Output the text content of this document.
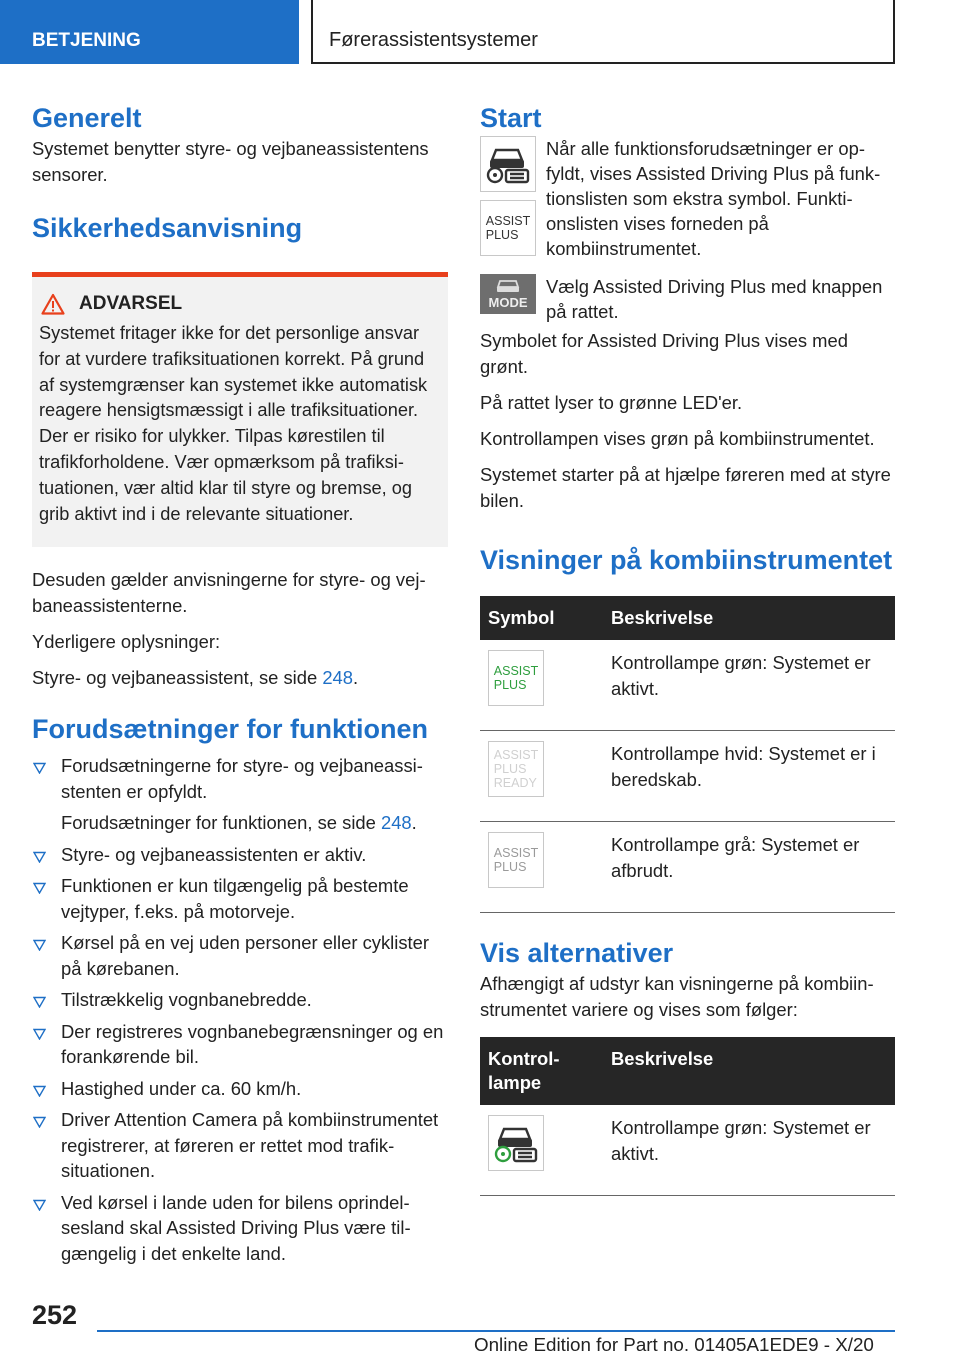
BETJENING	Førerassistentsystemer
Generelt

Systemet benytter styre- og vejbaneassistentens sensorer.

Sikkerhedsanvisning
ADVARSEL

Systemet fritager ikke for det personlige ansvar for at vurdere trafiksituationen korrekt. På grund af systemgrænser kan systemet ikke automatisk reagere hensigtsmæssigt i alle trafiksituationer. Der er risiko for ulykker. Tilpas kørestilen til trafikforholdene. Vær opmærksom på trafiksituationen, vær altid klar til styre og bremse, og grib aktivt ind i de relevante situationer.

Desuden gælder anvisningerne for styre- og vejbaneassistenterne.

Yderligere oplysninger:

Styre- og vejbaneassistent, se side 248.

Forudsætninger for funktionen
Forudsætningerne for styre- og vejbaneassistenten er opfyldt.
Forudsætninger for funktionen, se side 248.
Styre- og vejbaneassistenten er aktiv.
Funktionen er kun tilgængelig på bestemte vejtyper, f.eks. på motorveje.
Kørsel på en vej uden personer eller cyklister på kørebanen.
Tilstrækkelig vognbanebredde.
Der registreres vognbanebegrænsninger og en forankørende bil.
Hastighed under ca. 60 km/h.
Driver Attention Camera på kombiinstrumentet registrerer, at føreren er rettet mod trafiksituationen.
Ved kørsel i lande uden for bilens oprindelsesland skal Assisted Driving Plus være tilgængelig i det enkelte land.
Start
ASSIST
PLUS

Når alle funktionsforudsætninger er opfyldt, vises Assisted Driving Plus på funktionslisten som ekstra symbol. Funktionslisten vises forneden på kombiinstrumentet.

MODE

Vælg Assisted Driving Plus med knappen på rattet.

Symbolet for Assisted Driving Plus vises med grønt.

På rattet lyser to grønne LED'er.

Kontrollampen vises grøn på kombiinstrumentet.

Systemet starter på at hjælpe føreren med at styre bilen.

Visninger på kombiinstrumentet
Symbol	Beskrivelse

ASSIST
PLUS	Kontrollampe grøn: Systemet er aktivt.

ASSIST
PLUS
READY	Kontrollampe hvid: Systemet er i beredskab.

ASSIST
PLUS	Kontrollampe grå: Systemet er afbrudt.
Vis alternativer

Afhængigt af udstyr kan visningerne på kombiinstrumentet variere og vises som følger:

Kontrollampe	Beskrivelse

	Kontrollampe grøn: Systemet er aktivt.
252
Online Edition for Part no. 01405A1EDE9 - X/20
